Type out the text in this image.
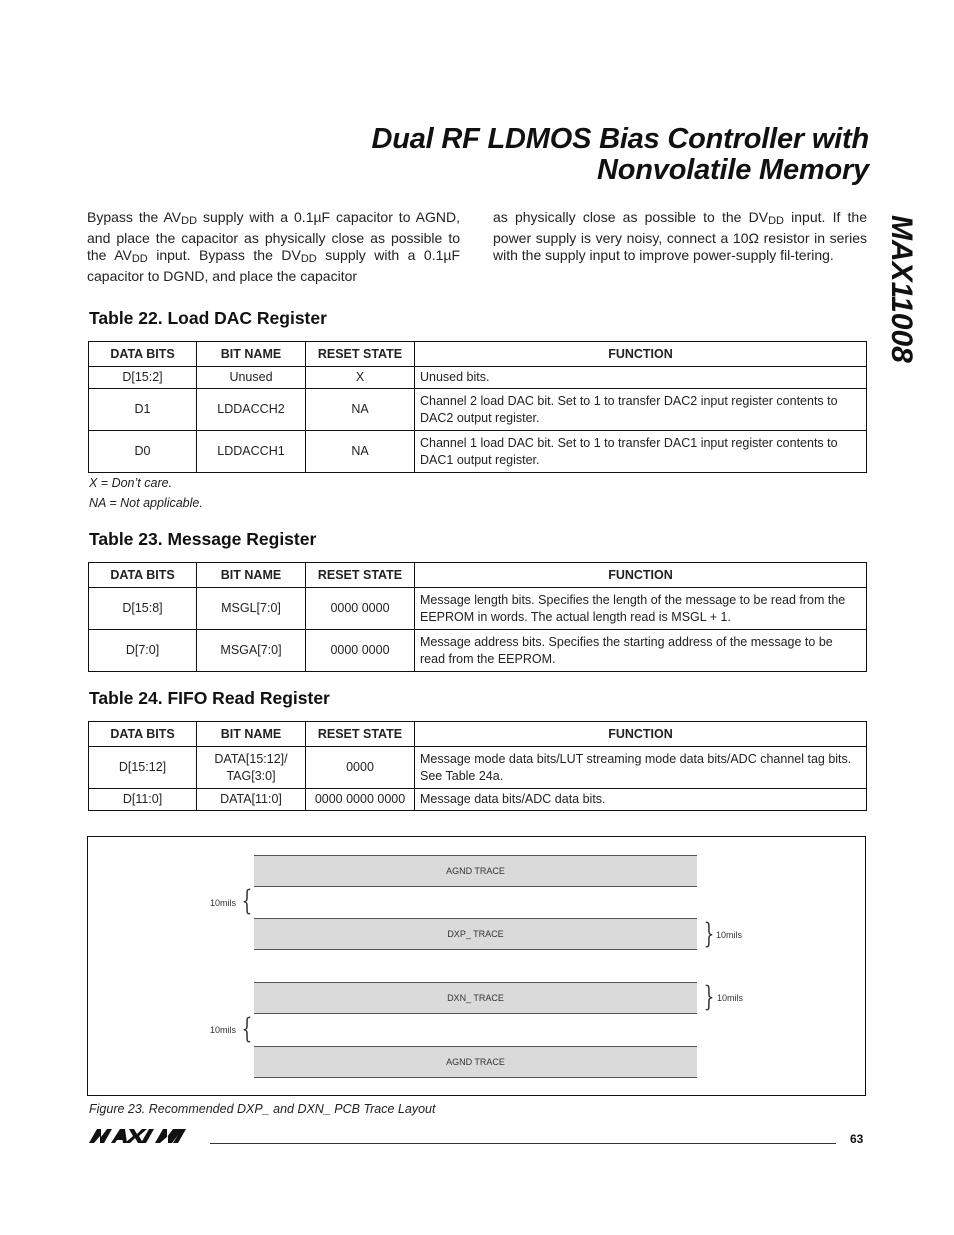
Dual RF LDMOS Bias Controller with
Nonvolatile Memory
MAX11008

Bypass the $AV_{DD}$ supply with a 0.1µF capacitor to AGND, and place the capacitor as physically close as possible to the $AV_{DD}$ input. Bypass the $DV_{DD}$ supply with a 0.1µF capacitor to DGND, and place the capacitor

as physically close as possible to the $DV_{DD}$ input. If the power supply is very noisy, connect a 10Ω resistor in series with the supply input to improve power-supply fil-tering.

Table 22. Load DAC Register
DATA BITS	BIT NAME	RESET STATE	FUNCTION
D[15:2]	Unused	X	Unused bits.
D1	LDDACCH2	NA	Channel 2 load DAC bit. Set to 1 to transfer DAC2 input register contents to DAC2 output register.
D0	LDDACCH1	NA	Channel 1 load DAC bit. Set to 1 to transfer DAC1 input register contents to DAC1 output register.
X = Don’t care.
NA = Not applicable.
Table 23. Message Register
DATA BITS	BIT NAME	RESET STATE	FUNCTION
D[15:8]	MSGL[7:0]	0000 0000	Message length bits. Specifies the length of the message to be read from the EEPROM in words. The actual length read is MSGL + 1.
D[7:0]	MSGA[7:0]	0000 0000	Message address bits. Specifies the starting address of the message to be read from the EEPROM.
Table 24. FIFO Read Register
DATA BITS	BIT NAME	RESET STATE	FUNCTION
D[15:12]	DATA[15:12]/ TAG[3:0]	0000	Message mode data bits/LUT streaming mode data bits/ADC channel tag bits. See Table 24a.
D[11:0]	DATA[11:0]	0000 0000 0000	Message data bits/ADC data bits.
AGND TRACE
DXP_ TRACE
DXN_ TRACE
AGND TRACE
10mils {
} 10mils
} 10mils
10mils {
Figure 23. Recommended DXP_ and DXN_ PCB Trace Layout
63
